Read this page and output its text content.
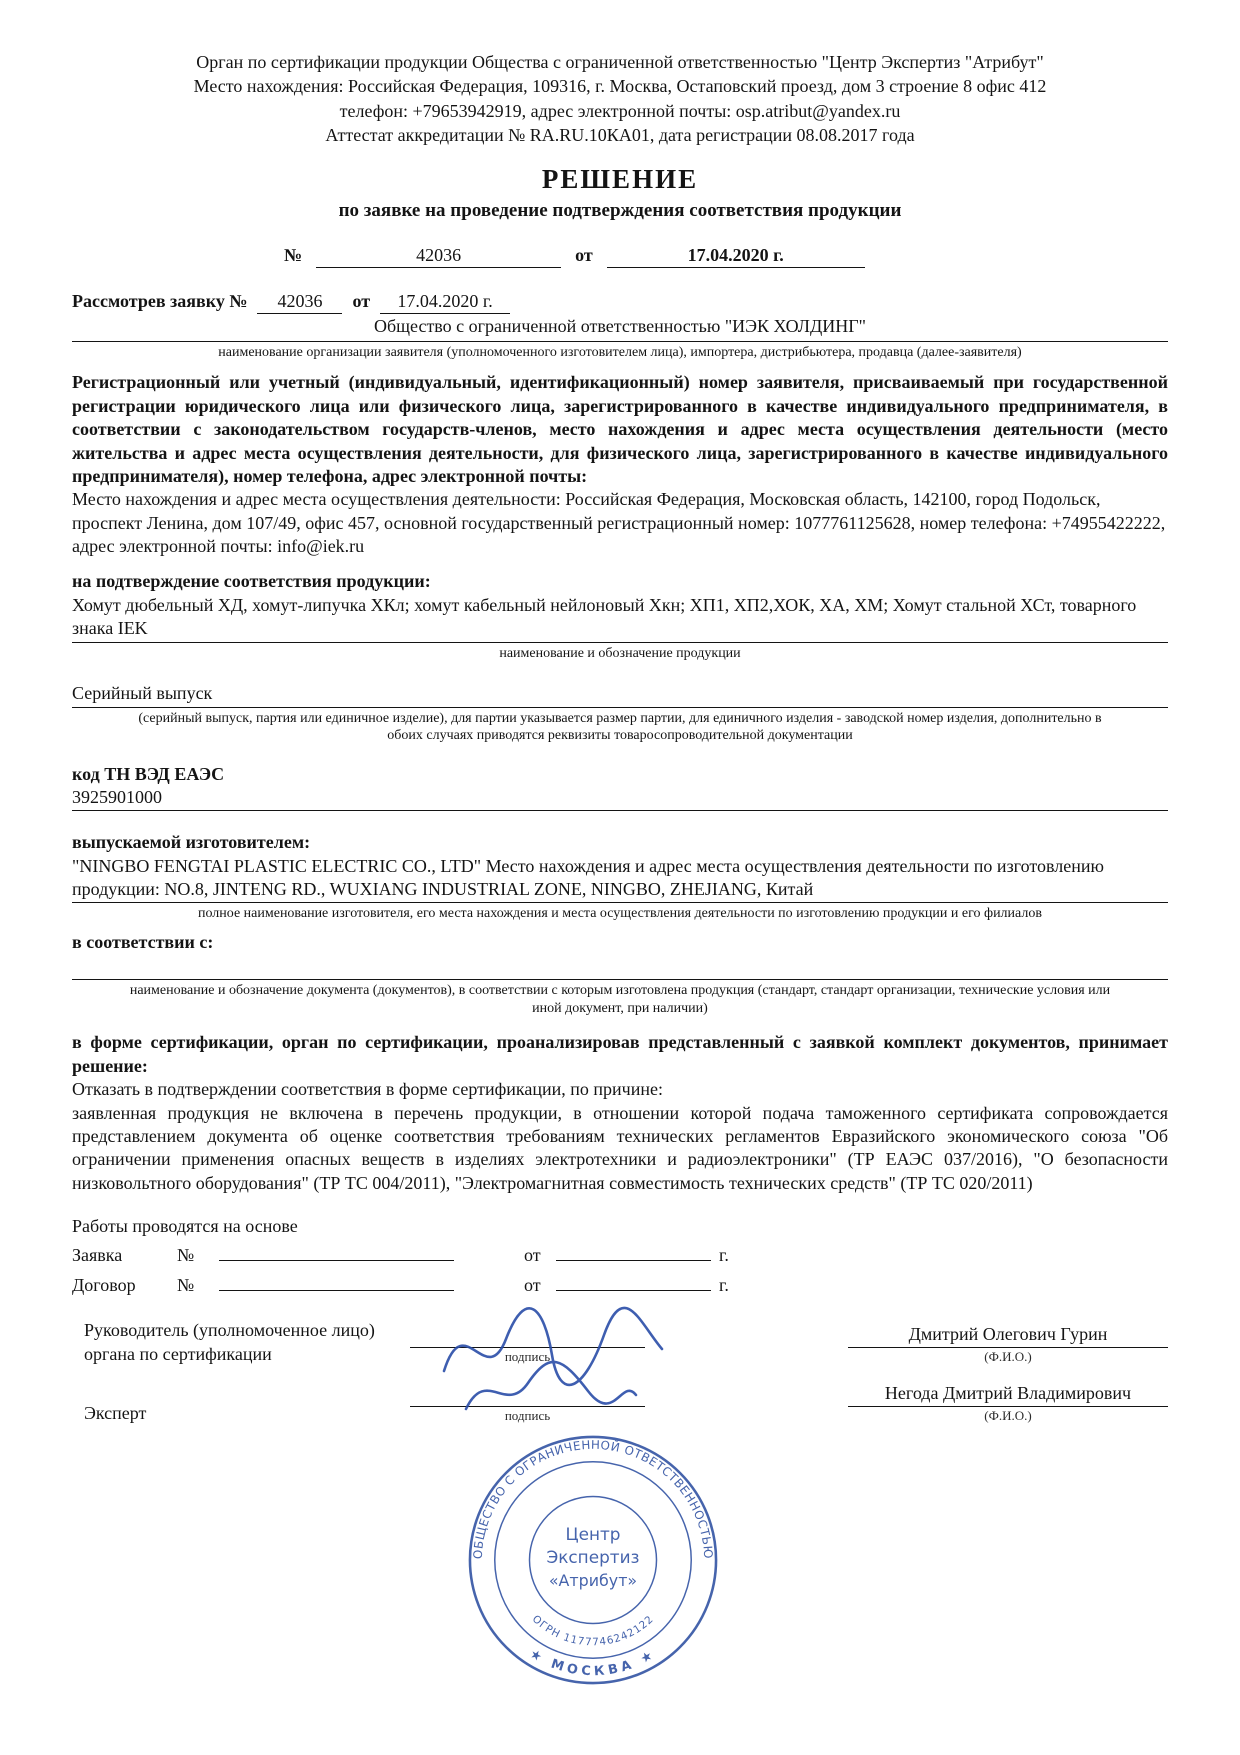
Орган по сертификации продукции Общества с ограниченной ответственностью "Центр Экспертиз "Атрибут"
Место нахождения: Российская Федерация, 109316, г. Москва, Остаповский проезд, дом 3 строение 8 офис 412
телефон: +79653942919, адрес электронной почты: osp.atribut@yandex.ru
Аттестат аккредитации № RA.RU.10КА01, дата регистрации 08.08.2017 года
РЕШЕНИЕ
по заявке на проведение подтверждения соответствия продукции
№	42036	от	17.04.2020 г.
Рассмотрев заявку №	42036	от	17.04.2020 г.
Общество с ограниченной ответственностью "ИЭК ХОЛДИНГ"
наименование организации заявителя (уполномоченного изготовителем лица), импортера, дистрибьютера, продавца (далее-заявителя)

Регистрационный или учетный (индивидуальный, идентификационный) номер заявителя, присваиваемый при государственной регистрации юридического лица или физического лица, зарегистрированного в качестве индивидуального предпринимателя, в соответствии с законодательством государств-членов, место нахождения и адрес места осуществления деятельности (место жительства и адрес места осуществления деятельности, для физического лица, зарегистрированного в качестве индивидуального предпринимателя), номер телефона, адрес электронной почты:

Место нахождения и адрес места осуществления деятельности: Российская Федерация, Московская область, 142100, город Подольск, проспект Ленина, дом 107/49, офис 457, основной государственный регистрационный номер: 1077761125628, номер телефона: +74955422222, адрес электронной почты: info@iek.ru

на подтверждение соответствия продукции:

Хомут дюбельный ХД, хомут-липучка ХКл; хомут кабельный нейлоновый Хкн; ХП1, ХП2,ХОК, ХА, ХМ; Хомут стальной ХСт, товарного знака IEK
наименование и обозначение продукции
Серийный выпуск
(серийный выпуск, партия или единичное изделие), для партии указывается размер партии, для единичного изделия - заводской номер изделия, дополнительно в обоих случаях приводятся реквизиты товаросопроводительной документации

код ТН ВЭД ЕАЭС

3925901000

выпускаемой изготовителем:

"NINGBO FENGTAI PLASTIC ELECTRIC CO., LTD" Место нахождения и адрес места осуществления деятельности по изготовлению продукции: NO.8, JINTENG RD., WUXIANG INDUSTRIAL ZONE, NINGBO, ZHEJIANG, Китай
полное наименование изготовителя, его места нахождения и места осуществления деятельности по изготовлению продукции и его филиалов

в соответствии с:

наименование и обозначение документа (документов), в соответствии с которым изготовлена продукция (стандарт, стандарт организации, технические условия или иной документ, при наличии)

в форме сертификации, орган по сертификации, проанализировав представленный с заявкой комплект документов, принимает решение:

Отказать в подтверждении соответствия в форме сертификации, по причине:

заявленная продукция не включена в перечень продукции, в отношении которой подача таможенного сертификата сопровождается представлением документа об оценке соответствия требованиям технических регламентов Евразийского экономического союза "Об ограничении применения опасных веществ в изделиях электротехники и радиоэлектроники" (ТР ЕАЭС 037/2016), "О безопасности низковольтного оборудования" (ТР ТС 004/2011), "Электромагнитная совместимость технических средств" (ТР ТС 020/2011)

Работы проводятся на основе
Заявка	№	от	г.
Договор	№	от	г.
Руководитель (уполномоченное лицо)
органа по сертификации	подпись
Дмитрий Олегович Гурин
(Ф.И.О.)
Эксперт	подпись
Негода Дмитрий Владимирович
(Ф.И.О.)
ОБЩЕСТВО С ОГРАНИЧЕННОЙ ОТВЕТСТВЕННОСТЬЮ
★ МОСКВА ★
ОГРН 1177746242122
Центр
Экспертиз
«Атрибут»
